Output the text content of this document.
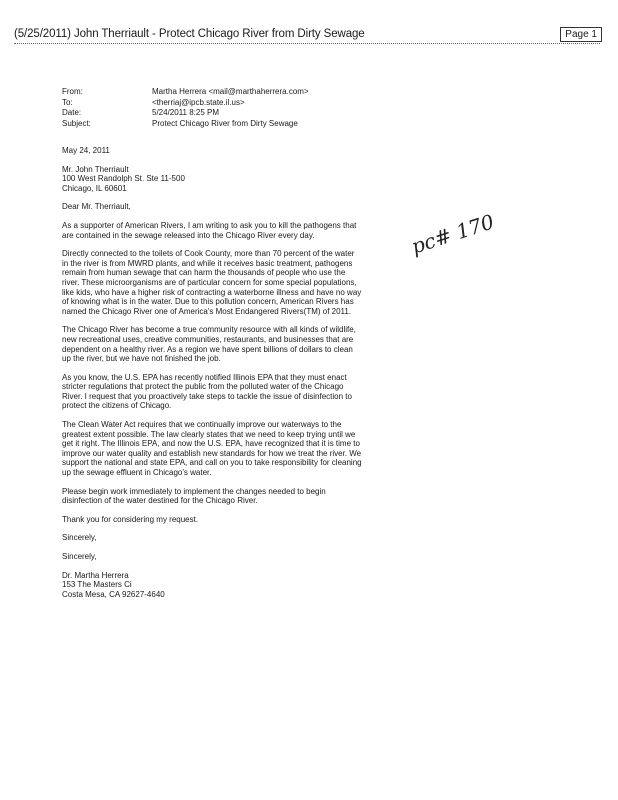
(5/25/2011) John Therriault - Protect Chicago River from Dirty Sewage	Page 1
From:	Martha Herrera <mail@marthaherrera.com>
To:	<therriaj@ipcb.state.il.us>
Date:	5/24/2011 8:25 PM
Subject:	Protect Chicago River from Dirty Sewage

May 24, 2011

Mr. John Therriault
100 West Randolph St. Ste 11-500
Chicago, IL 60601

Dear Mr. Therriault,

As a supporter of American Rivers, I am writing to ask you to kill the pathogens that are contained in the sewage released into the Chicago River every day.

Directly connected to the toilets of Cook County, more than 70 percent of the water in the river is from MWRD plants, and while it receives basic treatment, pathogens remain from human sewage that can harm the thousands of people who use the river. These microorganisms are of particular concern for some special populations, like kids, who have a higher risk of contracting a waterborne illness and have no way of knowing what is in the water. Due to this pollution concern, American Rivers has named the Chicago River one of America's Most Endangered Rivers(TM) of 2011.

The Chicago River has become a true community resource with all kinds of wildlife, new recreational uses, creative communities, restaurants, and businesses that are dependent on a healthy river. As a region we have spent billions of dollars to clean up the river, but we have not finished the job.

As you know, the U.S. EPA has recently notified Illinois EPA that they must enact stricter regulations that protect the public from the polluted water of the Chicago River. I request that you proactively take steps to tackle the issue of disinfection to protect the citizens of Chicago.

The Clean Water Act requires that we continually improve our waterways to the greatest extent possible. The law clearly states that we need to keep trying until we get it right. The Illinois EPA, and now the U.S. EPA, have recognized that it is time to improve our water quality and establish new standards for how we treat the river. We support the national and state EPA, and call on you to take responsibility for cleaning up the sewage effluent in Chicago's water.

Please begin work immediately to implement the changes needed to begin disinfection of the water destined for the Chicago River.

Thank you for considering my request.

Sincerely,

Sincerely,

Dr. Martha Herrera
153 The Masters Ci
Costa Mesa, CA 92627-4640
pc# 170
